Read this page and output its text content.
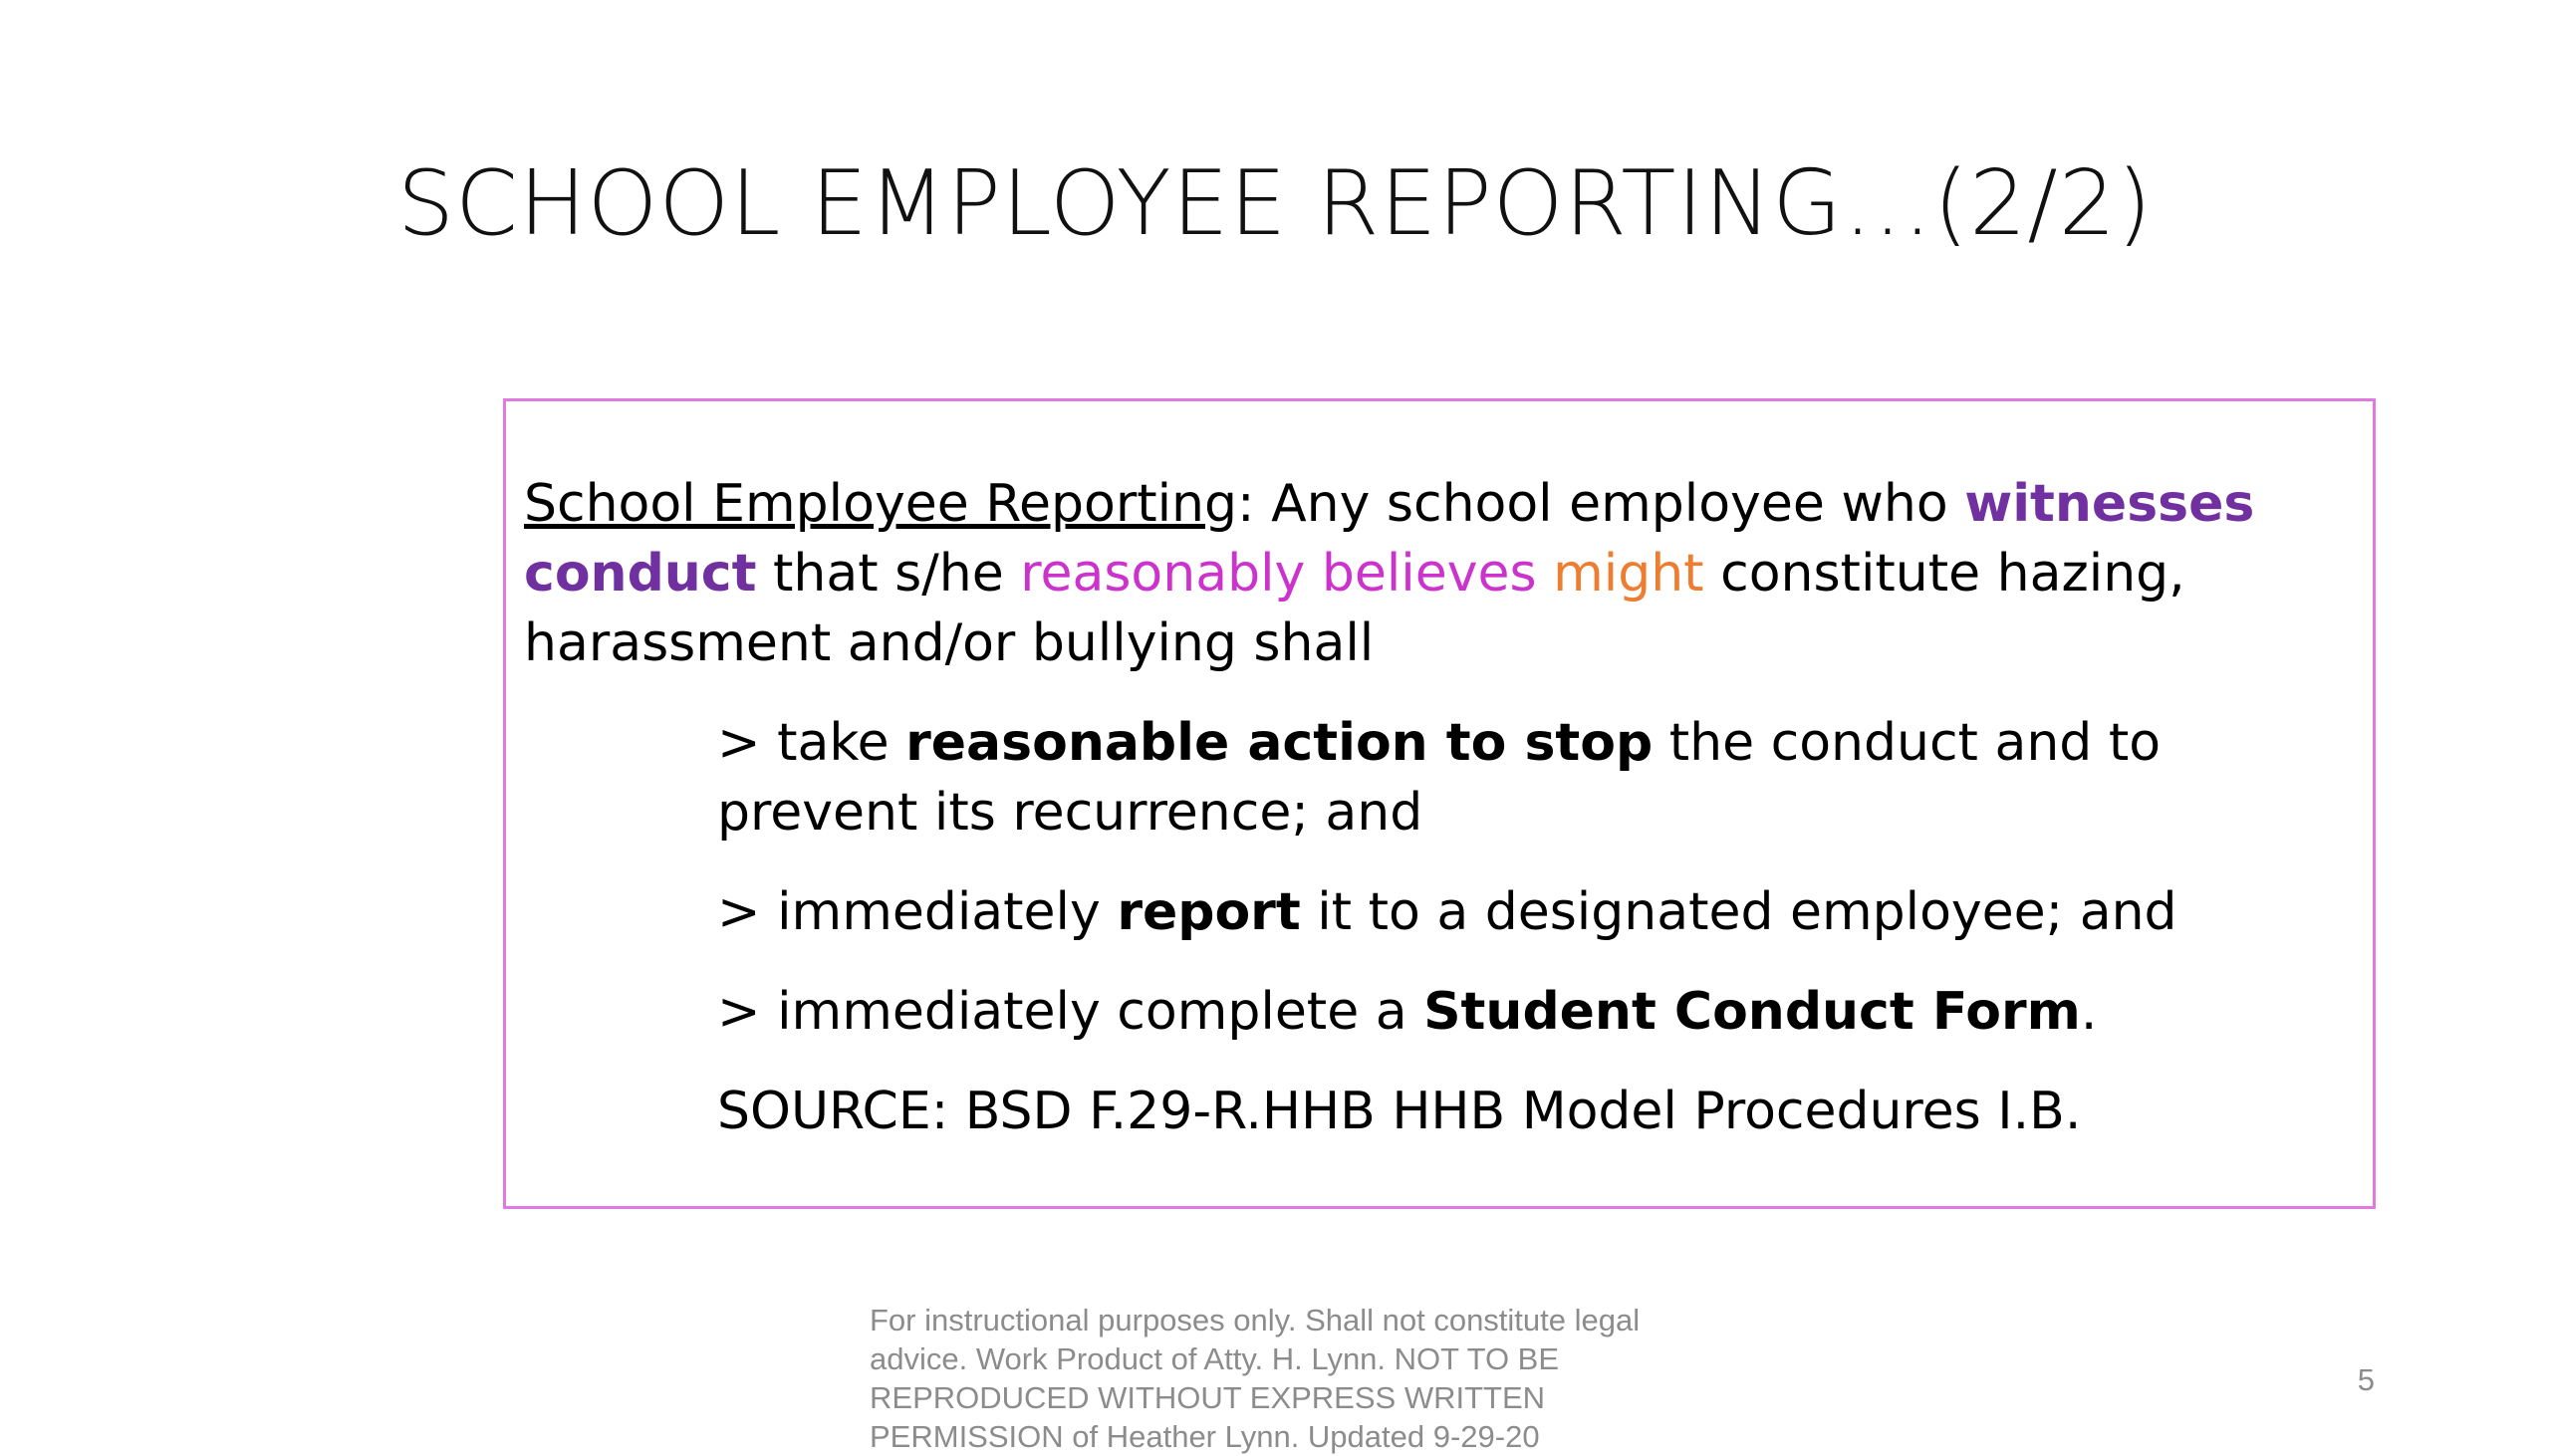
SCHOOL EMPLOYEE REPORTING…(2/2)
School Employee Reporting: Any school employee who witnesses conduct that s/he reasonably believes might constitute hazing, harassment and/or bullying shall
> take reasonable action to stop the conduct and to prevent its recurrence; and
> immediately report it to a designated employee; and
> immediately complete a Student Conduct Form.
SOURCE: BSD F.29-R.HHB HHB Model Procedures I.B.
For instructional purposes only. Shall not constitute legal advice. Work Product of Atty. H. Lynn. NOT TO BE REPRODUCED WITHOUT EXPRESS WRITTEN PERMISSION of Heather Lynn. Updated 9-29-20
5
